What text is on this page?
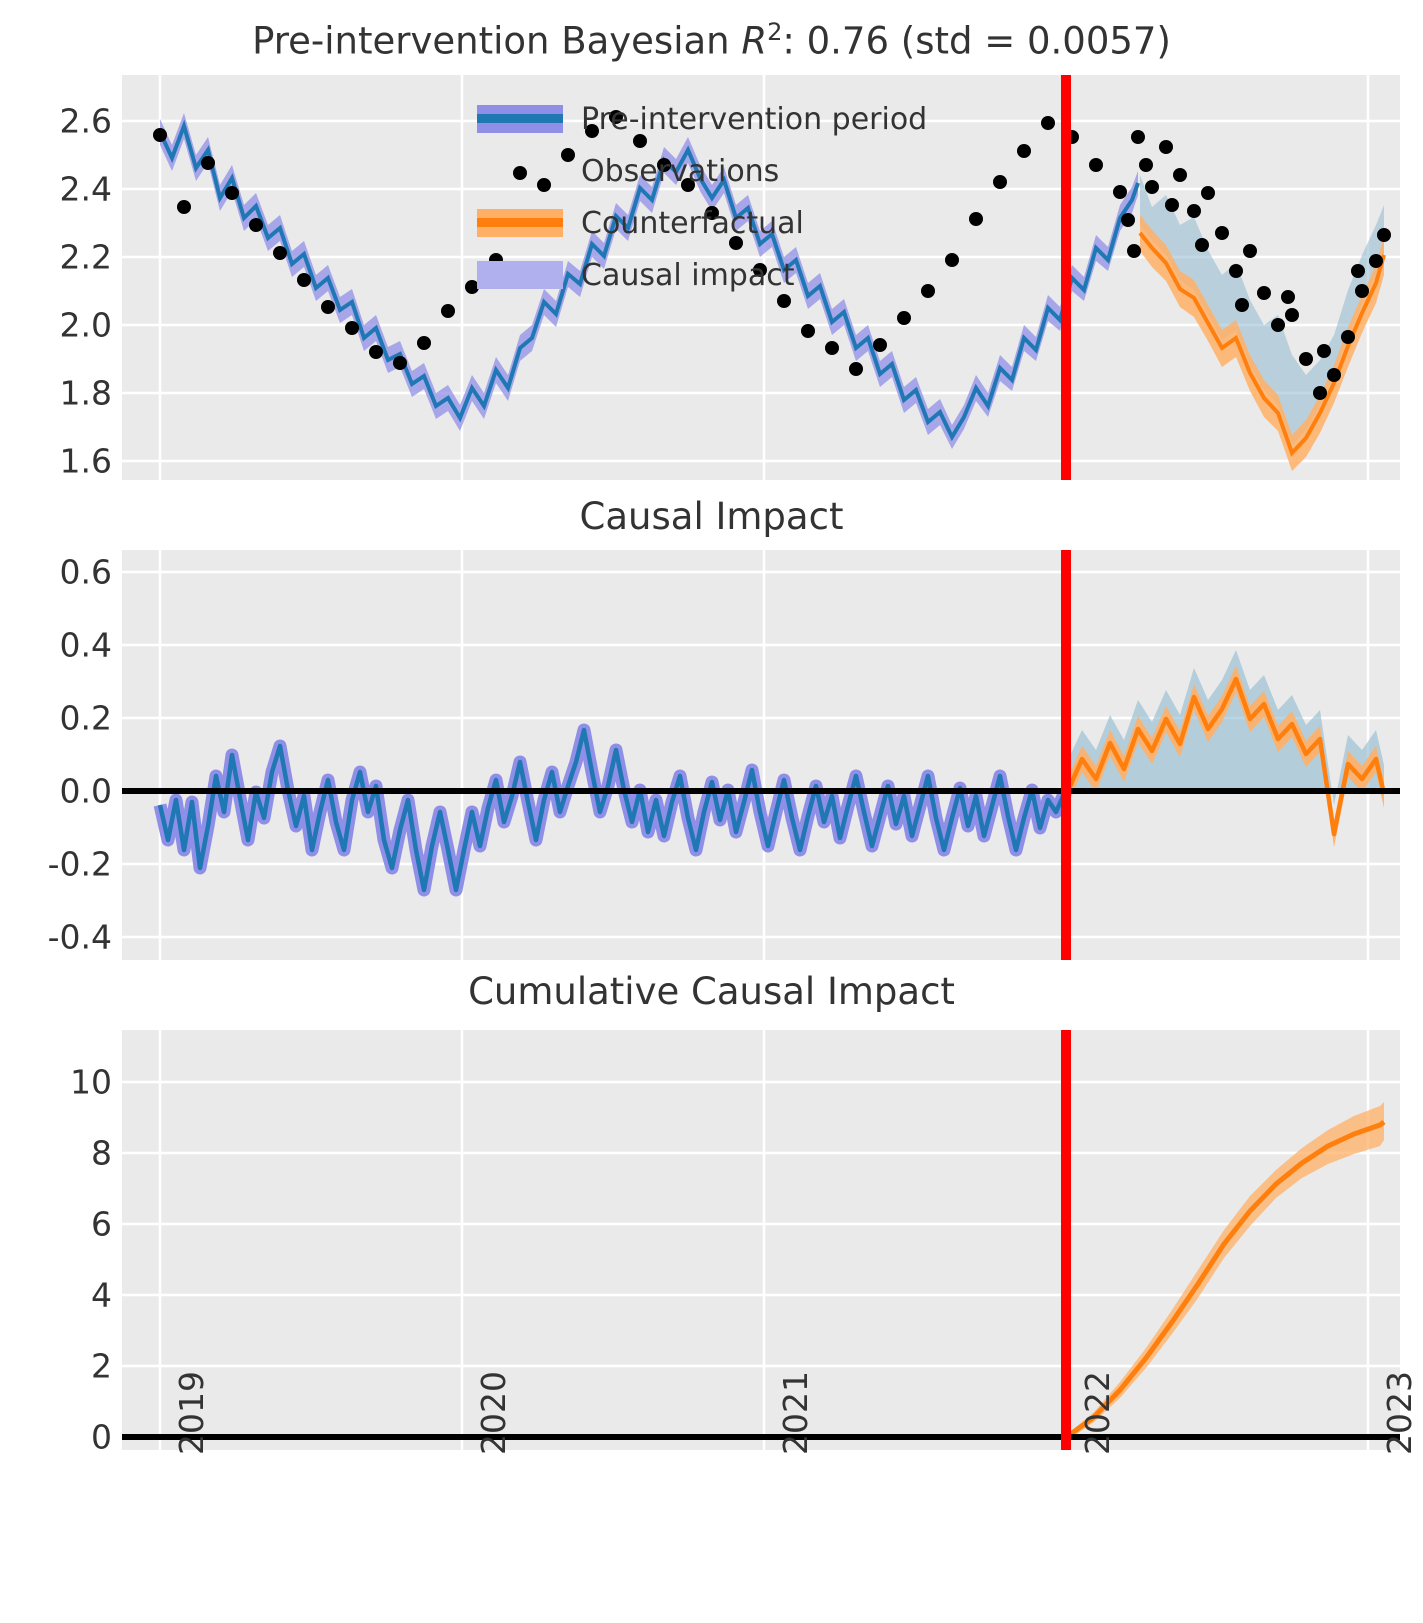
Pre-intervention Bayesian $R^2$: 0.76 (std = 0.0057)
2.6
2.4
2.2
2.0
1.8
1.6
Pre-intervention period
Observations
Counterfactual
Causal impact
Causal Impact
0.6
0.4
0.2
0.0
-0.2
-0.4
Cumulative Causal Impact
10
8
6
4
2
0 2019	2020	2021	2022	2023
